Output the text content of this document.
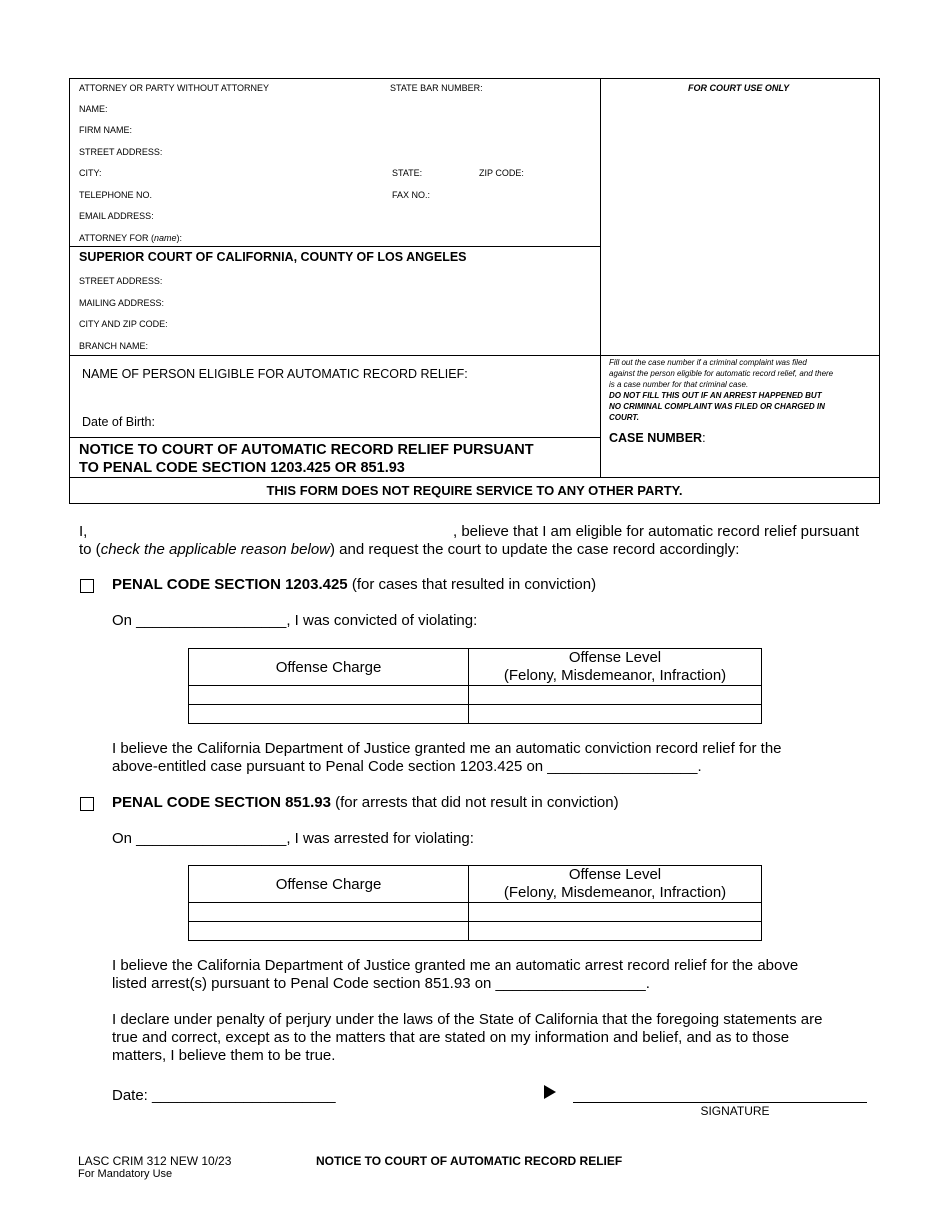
ATTORNEY OR PARTY WITHOUT ATTORNEY	STATE BAR NUMBER:	FOR COURT USE ONLY
NAME:
FIRM NAME:
STREET ADDRESS:
CITY:	STATE:	ZIP CODE:
TELEPHONE NO.	FAX NO.:
EMAIL ADDRESS:
ATTORNEY FOR (name):
SUPERIOR COURT OF CALIFORNIA, COUNTY OF LOS ANGELES
STREET ADDRESS:
MAILING ADDRESS:
CITY AND ZIP CODE:
BRANCH NAME:
NAME OF PERSON ELIGIBLE FOR AUTOMATIC RECORD RELIEF:
Date of Birth:
NOTICE TO COURT OF AUTOMATIC RECORD RELIEF PURSUANT
TO PENAL CODE SECTION 1203.425 OR 851.93
Fill out the case number if a criminal complaint was filed
against the person eligible for automatic record relief, and there
is a case number for that criminal case.
DO NOT FILL THIS OUT IF AN ARREST HAPPENED BUT
NO CRIMINAL COMPLAINT WAS FILED OR CHARGED IN
COURT.
CASE NUMBER:
THIS FORM DOES NOT REQUIRE SERVICE TO ANY OTHER PARTY.
I,	, believe that I am eligible for automatic record relief pursuant
to (check the applicable reason below) and request the court to update the case record accordingly:
PENAL CODE SECTION 1203.425 (for cases that resulted in conviction)
On __________________, I was convicted of violating:
Offense Charge	Offense Level
(Felony, Misdemeanor, Infraction)

I believe the California Department of Justice granted me an automatic conviction record relief for the
above-entitled case pursuant to Penal Code section 1203.425 on __________________.
PENAL CODE SECTION 851.93 (for arrests that did not result in conviction)
On __________________, I was arrested for violating:
Offense Charge	Offense Level
(Felony, Misdemeanor, Infraction)

I believe the California Department of Justice granted me an automatic arrest record relief for the above
listed arrest(s) pursuant to Penal Code section 851.93 on __________________.
I declare under penalty of perjury under the laws of the State of California that the foregoing statements are
true and correct, except as to the matters that are stated on my information and belief, and as to those
matters, I believe them to be true.
Date: ______________________
SIGNATURE
LASC CRIM 312 NEW 10/23
For Mandatory Use
NOTICE TO COURT OF AUTOMATIC RECORD RELIEF
